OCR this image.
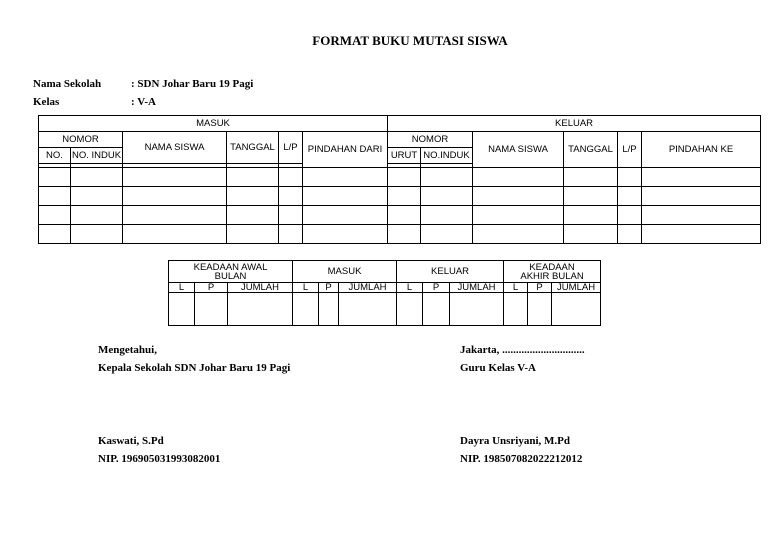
FORMAT BUKU MUTASI SISWA
Nama Sekolah	: SDN Johar Baru 19 Pagi
Kelas	: V-A
MASUK						KELUAR					
NOMOR		NAMA SISWA	TANGGAL	L/P	PINDAHAN DARI	NOMOR		NAMA SISWA	TANGGAL	L/P	PINDAHAN KE
NO.	NO. INDUK					URUT	NO.INDUK				

KEADAAN AWAL BULAN			MASUK			KELUAR			KEADAAN AKHIR BULAN		
L	P	JUMLAH	L	P	JUMLAH	L	P	JUMLAH	L	P	JUMLAH

Mengetahui,
Kepala Sekolah SDN Johar Baru 19 Pagi
Kaswati, S.Pd
NIP. 196905031993082001
Jakarta, ..............................
Guru Kelas V-A
Dayra Unsriyani, M.Pd
NIP. 198507082022212012
